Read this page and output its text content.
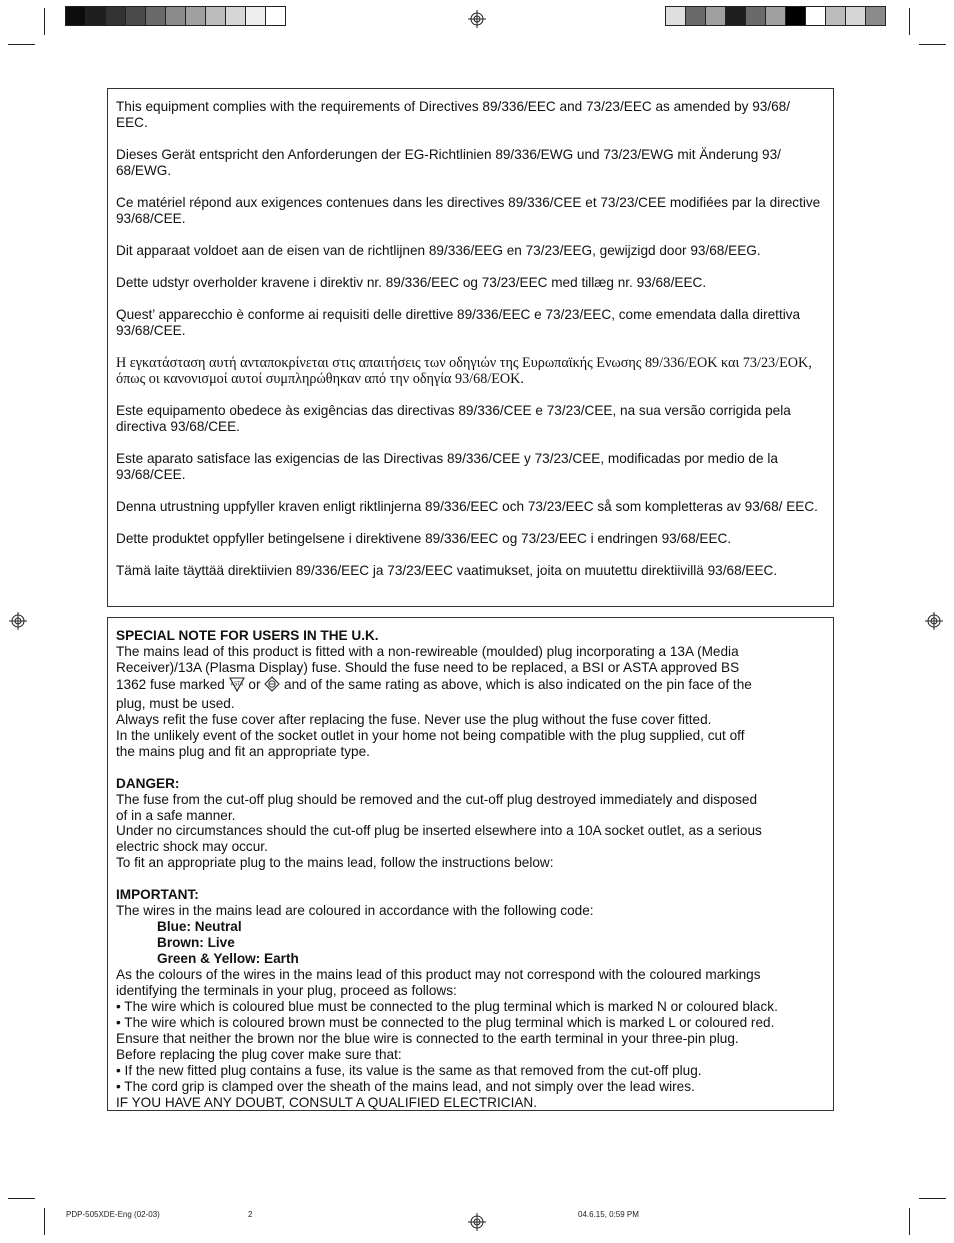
This equipment complies with the requirements of Directives 89/336/EEC and 73/23/EEC as amended by 93/68/ EEC.

Dieses Gerät entspricht den Anforderungen der EG-Richtlinien 89/336/EWG und 73/23/EWG mit Änderung 93/ 68/EWG.

Ce matériel répond aux exigences contenues dans les directives 89/336/CEE et 73/23/CEE modifiées par la directive 93/68/CEE.

Dit apparaat voldoet aan de eisen van de richtlijnen 89/336/EEG en 73/23/EEG, gewijzigd door 93/68/EEG.

Dette udstyr overholder kravene i direktiv nr. 89/336/EEC og 73/23/EEC med tillæg nr. 93/68/EEC.

Quest’ apparecchio è conforme ai requisiti delle direttive 89/336/EEC e 73/23/EEC, come emendata dalla direttiva 93/68/CEE.

Η εγκατάσταση αυτή ανταποκρίνεται στις απαιτήσεις των οδηγιών της Ευρωπαϊκής Ενωσης 89/336/ΕΟΚ και 73/23/ΕΟΚ, όπως οι κανονισμοί αυτοί συμπληρώθηκαν από την οδηγία 93/68/ΕΟΚ.

Este equipamento obedece às exigências das directivas 89/336/CEE e 73/23/CEE, na sua versão corrigida pela directiva 93/68/CEE.

Este aparato satisface las exigencias de las Directivas 89/336/CEE y 73/23/CEE, modificadas por medio de la 93/68/CEE.

Denna utrustning uppfyller kraven enligt riktlinjerna 89/336/EEC och 73/23/EEC så som kompletteras av 93/68/ EEC.

Dette produktet oppfyller betingelsene i direktivene 89/336/EEC og 73/23/EEC i endringen 93/68/EEC.

Tämä laite täyttää direktiivien 89/336/EEC ja 73/23/EEC vaatimukset, joita on muutettu direktiivillä 93/68/EEC.

SPECIAL NOTE FOR USERS IN THE U.K.

The mains lead of this product is fitted with a non-rewireable (moulded) plug incorporating a 13A (Media

Receiver)/13A (Plasma Display) fuse. Should the fuse need to be replaced, a BSI or ASTA approved BS

1362 fuse marked ASTA or and of the same rating as above, which is also indicated on the pin face of the

plug, must be used.

Always refit the fuse cover after replacing the fuse. Never use the plug without the fuse cover fitted.

In the unlikely event of the socket outlet in your home not being compatible with the plug supplied, cut off

the mains plug and fit an appropriate type.

DANGER:

The fuse from the cut-off plug should be removed and the cut-off plug destroyed immediately and disposed

of in a safe manner.

Under no circumstances should the cut-off plug be inserted elsewhere into a 10A socket outlet, as a serious

electric shock may occur.

To fit an appropriate plug to the mains lead, follow the instructions below:

IMPORTANT:

The wires in the mains lead are coloured in accordance with the following code:

Blue: Neutral

Brown: Live

Green & Yellow: Earth

As the colours of the wires in the mains lead of this product may not correspond with the coloured markings

identifying the terminals in your plug, proceed as follows:

• The wire which is coloured blue must be connected to the plug terminal which is marked N or coloured black.

• The wire which is coloured brown must be connected to the plug terminal which is marked L or coloured red.

Ensure that neither the brown nor the blue wire is connected to the earth terminal in your three-pin plug.

Before replacing the plug cover make sure that:

• If the new fitted plug contains a fuse, its value is the same as that removed from the cut-off plug.

• The cord grip is clamped over the sheath of the mains lead, and not simply over the lead wires.

IF YOU HAVE ANY DOUBT, CONSULT A QUALIFIED ELECTRICIAN.

PDP-505XDE-Eng (02-03)	2	04.6.15, 0:59 PM
